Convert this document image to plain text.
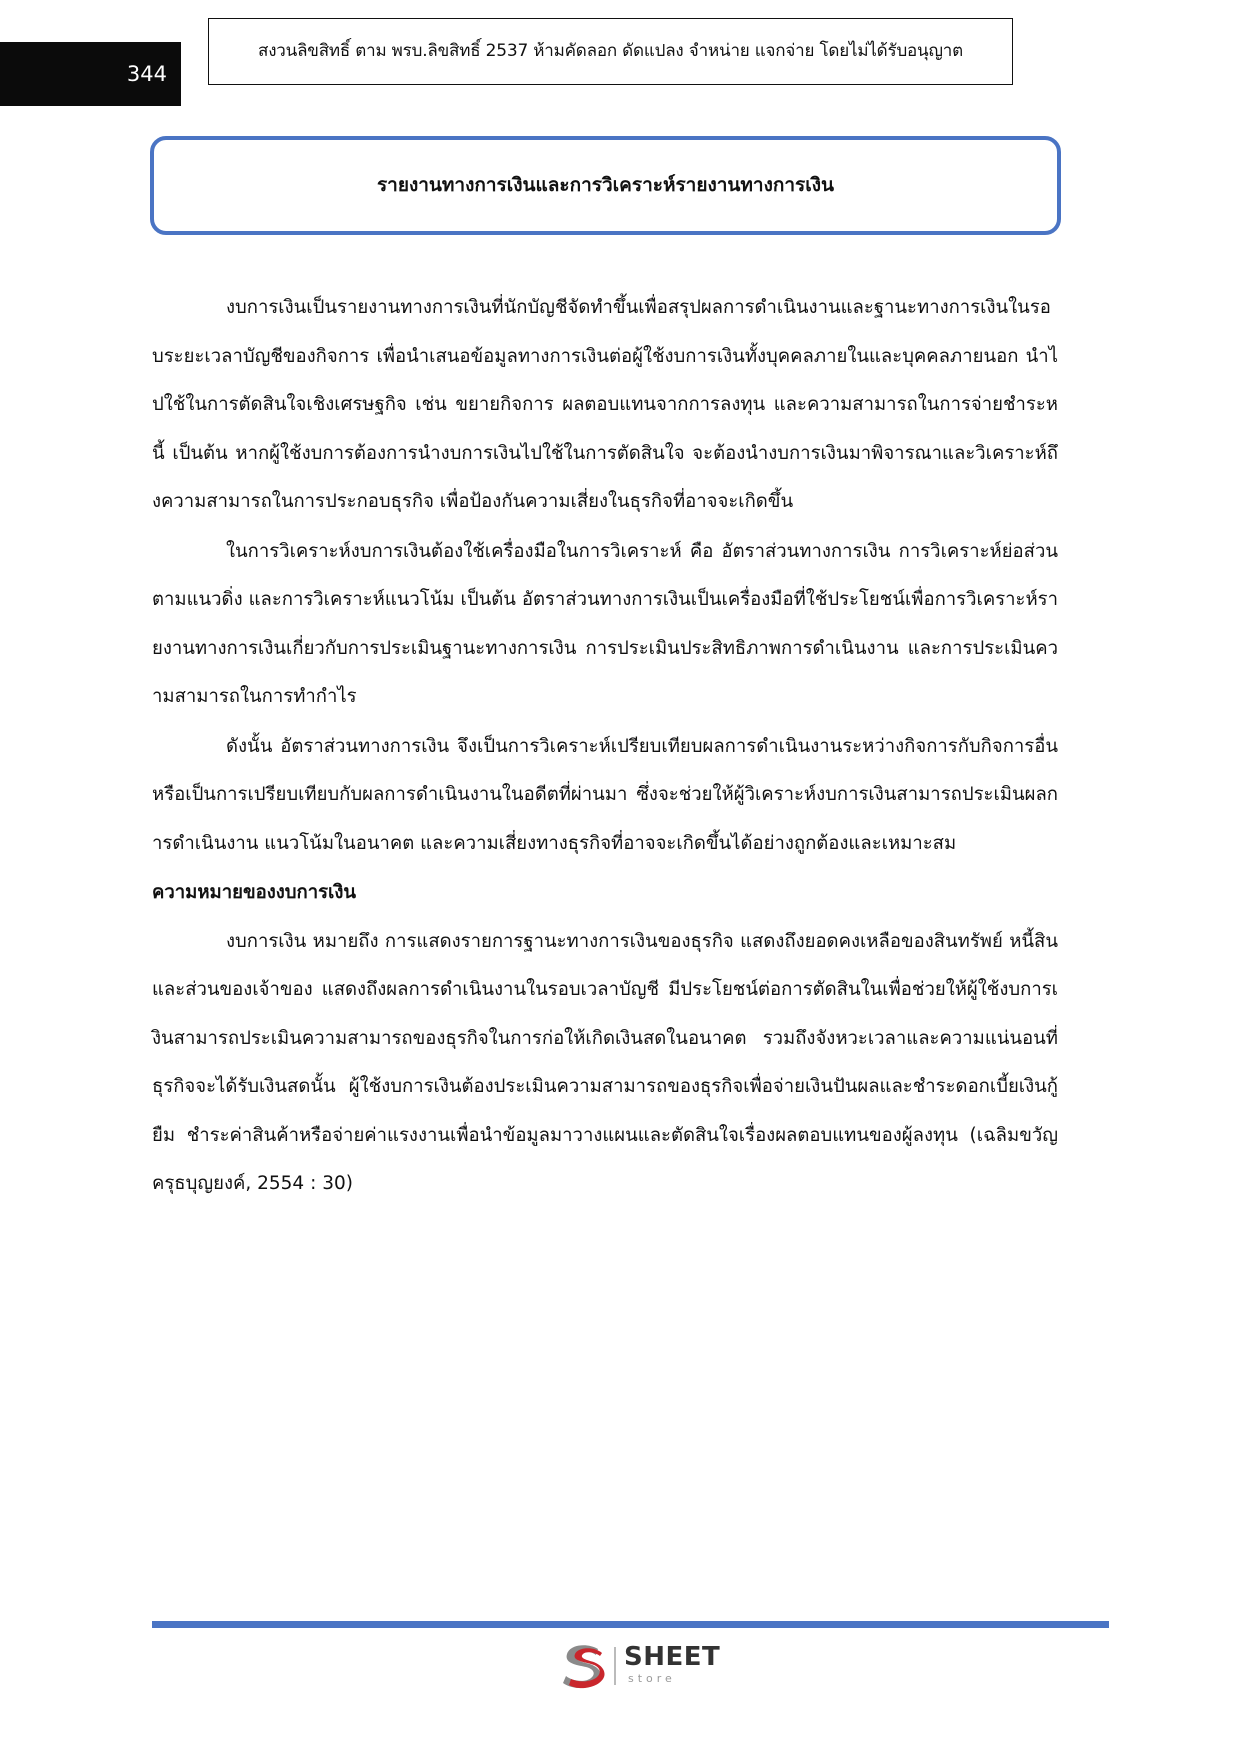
344
สงวนลิขสิทธิ์ ตาม พรบ.ลิขสิทธิ์ 2537 ห้ามคัดลอก ดัดแปลง จำหน่าย แจกจ่าย โดยไม่ได้รับอนุญาต
รายงานทางการเงินและการวิเคราะห์รายงานทางการเงิน

งบการเงินเป็นรายงานทางการเงินที่นักบัญชีจัดทำขึ้นเพื่อสรุปผลการดำเนินงานและฐานะทางการเงินในรอบระยะเวลาบัญชีของกิจการ เพื่อนำเสนอข้อมูลทางการเงินต่อผู้ใช้งบการเงินทั้งบุคคลภายในและบุคคลภายนอก นำไปใช้ในการตัดสินใจเชิงเศรษฐกิจ เช่น ขยายกิจการ ผลตอบแทนจากการลงทุน และความสามารถในการจ่ายชำระหนี้ เป็นต้น หากผู้ใช้งบการต้องการนำงบการเงินไปใช้ในการตัดสินใจ จะต้องนำงบการเงินมาพิจารณาและวิเคราะห์ถึงความสามารถในการประกอบธุรกิจ เพื่อป้องกันความเสี่ยงในธุรกิจที่อาจจะเกิดขึ้น

ในการวิเคราะห์งบการเงินต้องใช้เครื่องมือในการวิเคราะห์ คือ อัตราส่วนทางการเงิน การวิเคราะห์ย่อส่วนตามแนวดิ่ง และการวิเคราะห์แนวโน้ม เป็นต้น อัตราส่วนทางการเงินเป็นเครื่องมือที่ใช้ประโยชน์เพื่อการวิเคราะห์รายงานทางการเงินเกี่ยวกับการประเมินฐานะทางการเงิน การประเมินประสิทธิภาพการดำเนินงาน และการประเมินความสามารถในการทำกำไร

ดังนั้น อัตราส่วนทางการเงิน จึงเป็นการวิเคราะห์เปรียบเทียบผลการดำเนินงานระหว่างกิจการกับกิจการอื่น หรือเป็นการเปรียบเทียบกับผลการดำเนินงานในอดีตที่ผ่านมา ซึ่งจะช่วยให้ผู้วิเคราะห์งบการเงินสามารถประเมินผลการดำเนินงาน แนวโน้มในอนาคต และความเสี่ยงทางธุรกิจที่อาจจะเกิดขึ้นได้อย่างถูกต้องและเหมาะสม

ความหมายของงบการเงิน

งบการเงิน หมายถึง การแสดงรายการฐานะทางการเงินของธุรกิจ แสดงถึงยอดคงเหลือของสินทรัพย์ หนี้สิน และส่วนของเจ้าของ แสดงถึงผลการดำเนินงานในรอบเวลาบัญชี มีประโยชน์ต่อการตัดสินในเพื่อช่วยให้ผู้ใช้งบการเงินสามารถประเมินความสามารถของธุรกิจในการก่อให้เกิดเงินสดในอนาคต รวมถึงจังหวะเวลาและความแน่นอนที่ธุรกิจจะได้รับเงินสดนั้น ผู้ใช้งบการเงินต้องประเมินความสามารถของธุรกิจเพื่อจ่ายเงินปันผลและชำระดอกเบี้ยเงินกู้ยืม ชำระค่าสินค้าหรือจ่ายค่าแรงงานเพื่อนำข้อมูลมาวางแผนและตัดสินใจเรื่องผลตอบแทนของผู้ลงทุน (เฉลิมขวัญ ครุธบุญยงค์, 2554 : 30)

SHEET
store
